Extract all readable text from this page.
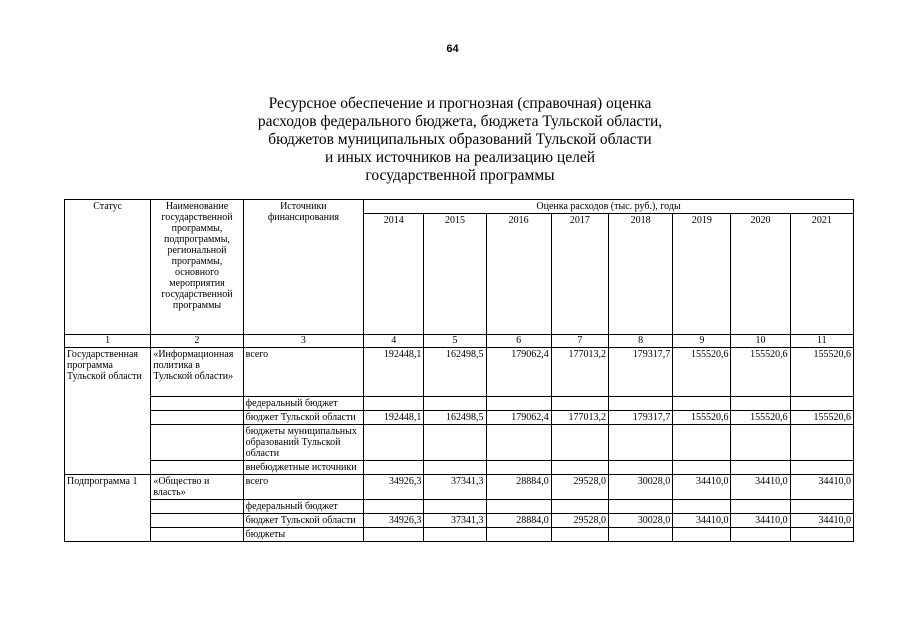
64
Ресурсное обеспечение и прогнозная (справочная) оценка
расходов федерального бюджета, бюджета Тульской области,
бюджетов муниципальных образований Тульской области
и иных источников на реализацию целей
государственной программы
Статус	Наименование государственной программы, подпрограммы, региональной программы, основного мероприятия государственной программы	Источники финансирования	Оценка расходов (тыс. руб.), годы							
			2014	2015	2016	2017	2018	2019	2020	2021
1	2	3	4	5	6	7	8	9	10	11
Государственная программа Тульской области	«Информационная политика в Тульской области»	всего	192448,1	162498,5	179062,4	177013,2	179317,7	155520,6	155520,6	155520,6
		федеральный бюджет								
		бюджет Тульской области	192448,1	162498,5	179062,4	177013,2	179317,7	155520,6	155520,6	155520,6
		бюджеты муниципальных образований Тульской области								
		внебюджетные источники								
Подпрограмма 1	«Общество и власть»	всего	34926,3	37341,3	28884,0	29528,0	30028,0	34410,0	34410,0	34410,0
		федеральный бюджет								
		бюджет Тульской области	34926,3	37341,3	28884,0	29528,0	30028,0	34410,0	34410,0	34410,0
		бюджеты								
